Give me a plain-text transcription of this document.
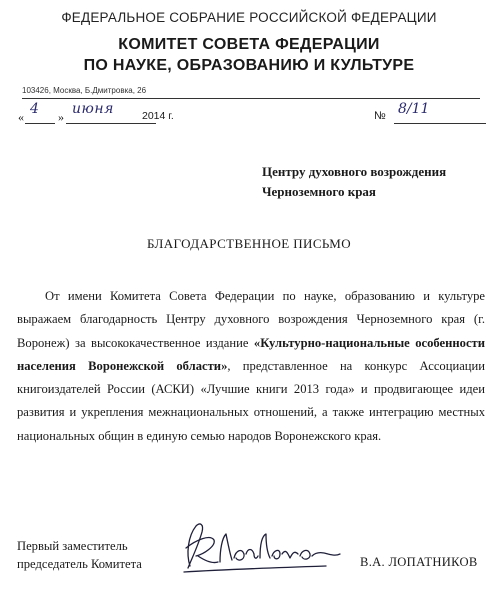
ФЕДЕРАЛЬНОЕ СОБРАНИЕ РОССИЙСКОЙ ФЕДЕРАЦИИ
КОМИТЕТ СОВЕТА ФЕДЕРАЦИИ
ПО НАУКЕ, ОБРАЗОВАНИЮ И КУЛЬТУРЕ
103426, Москва, Б.Дмитровка, 26
« 4 » июня	2014 г.	№ 8/11
Центру духовного возрождения
Черноземного края
БЛАГОДАРСТВЕННОЕ ПИСЬМО

От имени Комитета Совета Федерации по науке, образованию и культуре выражаем благодарность Центру духовного возрождения Черноземного края (г. Воронеж) за высококачественное издание «Культурно-национальные особенности населения Воронежской области», представленное на конкурс Ассоциации книгоиздателей России (АСКИ) «Лучшие книги 2013 года» и продвигающее идеи развития и укрепления межнациональных отношений, а также интеграцию местных национальных общин в единую семью народов Воронежского края.

Первый заместитель
председатель Комитета	В.А. ЛОПАТНИКОВ
